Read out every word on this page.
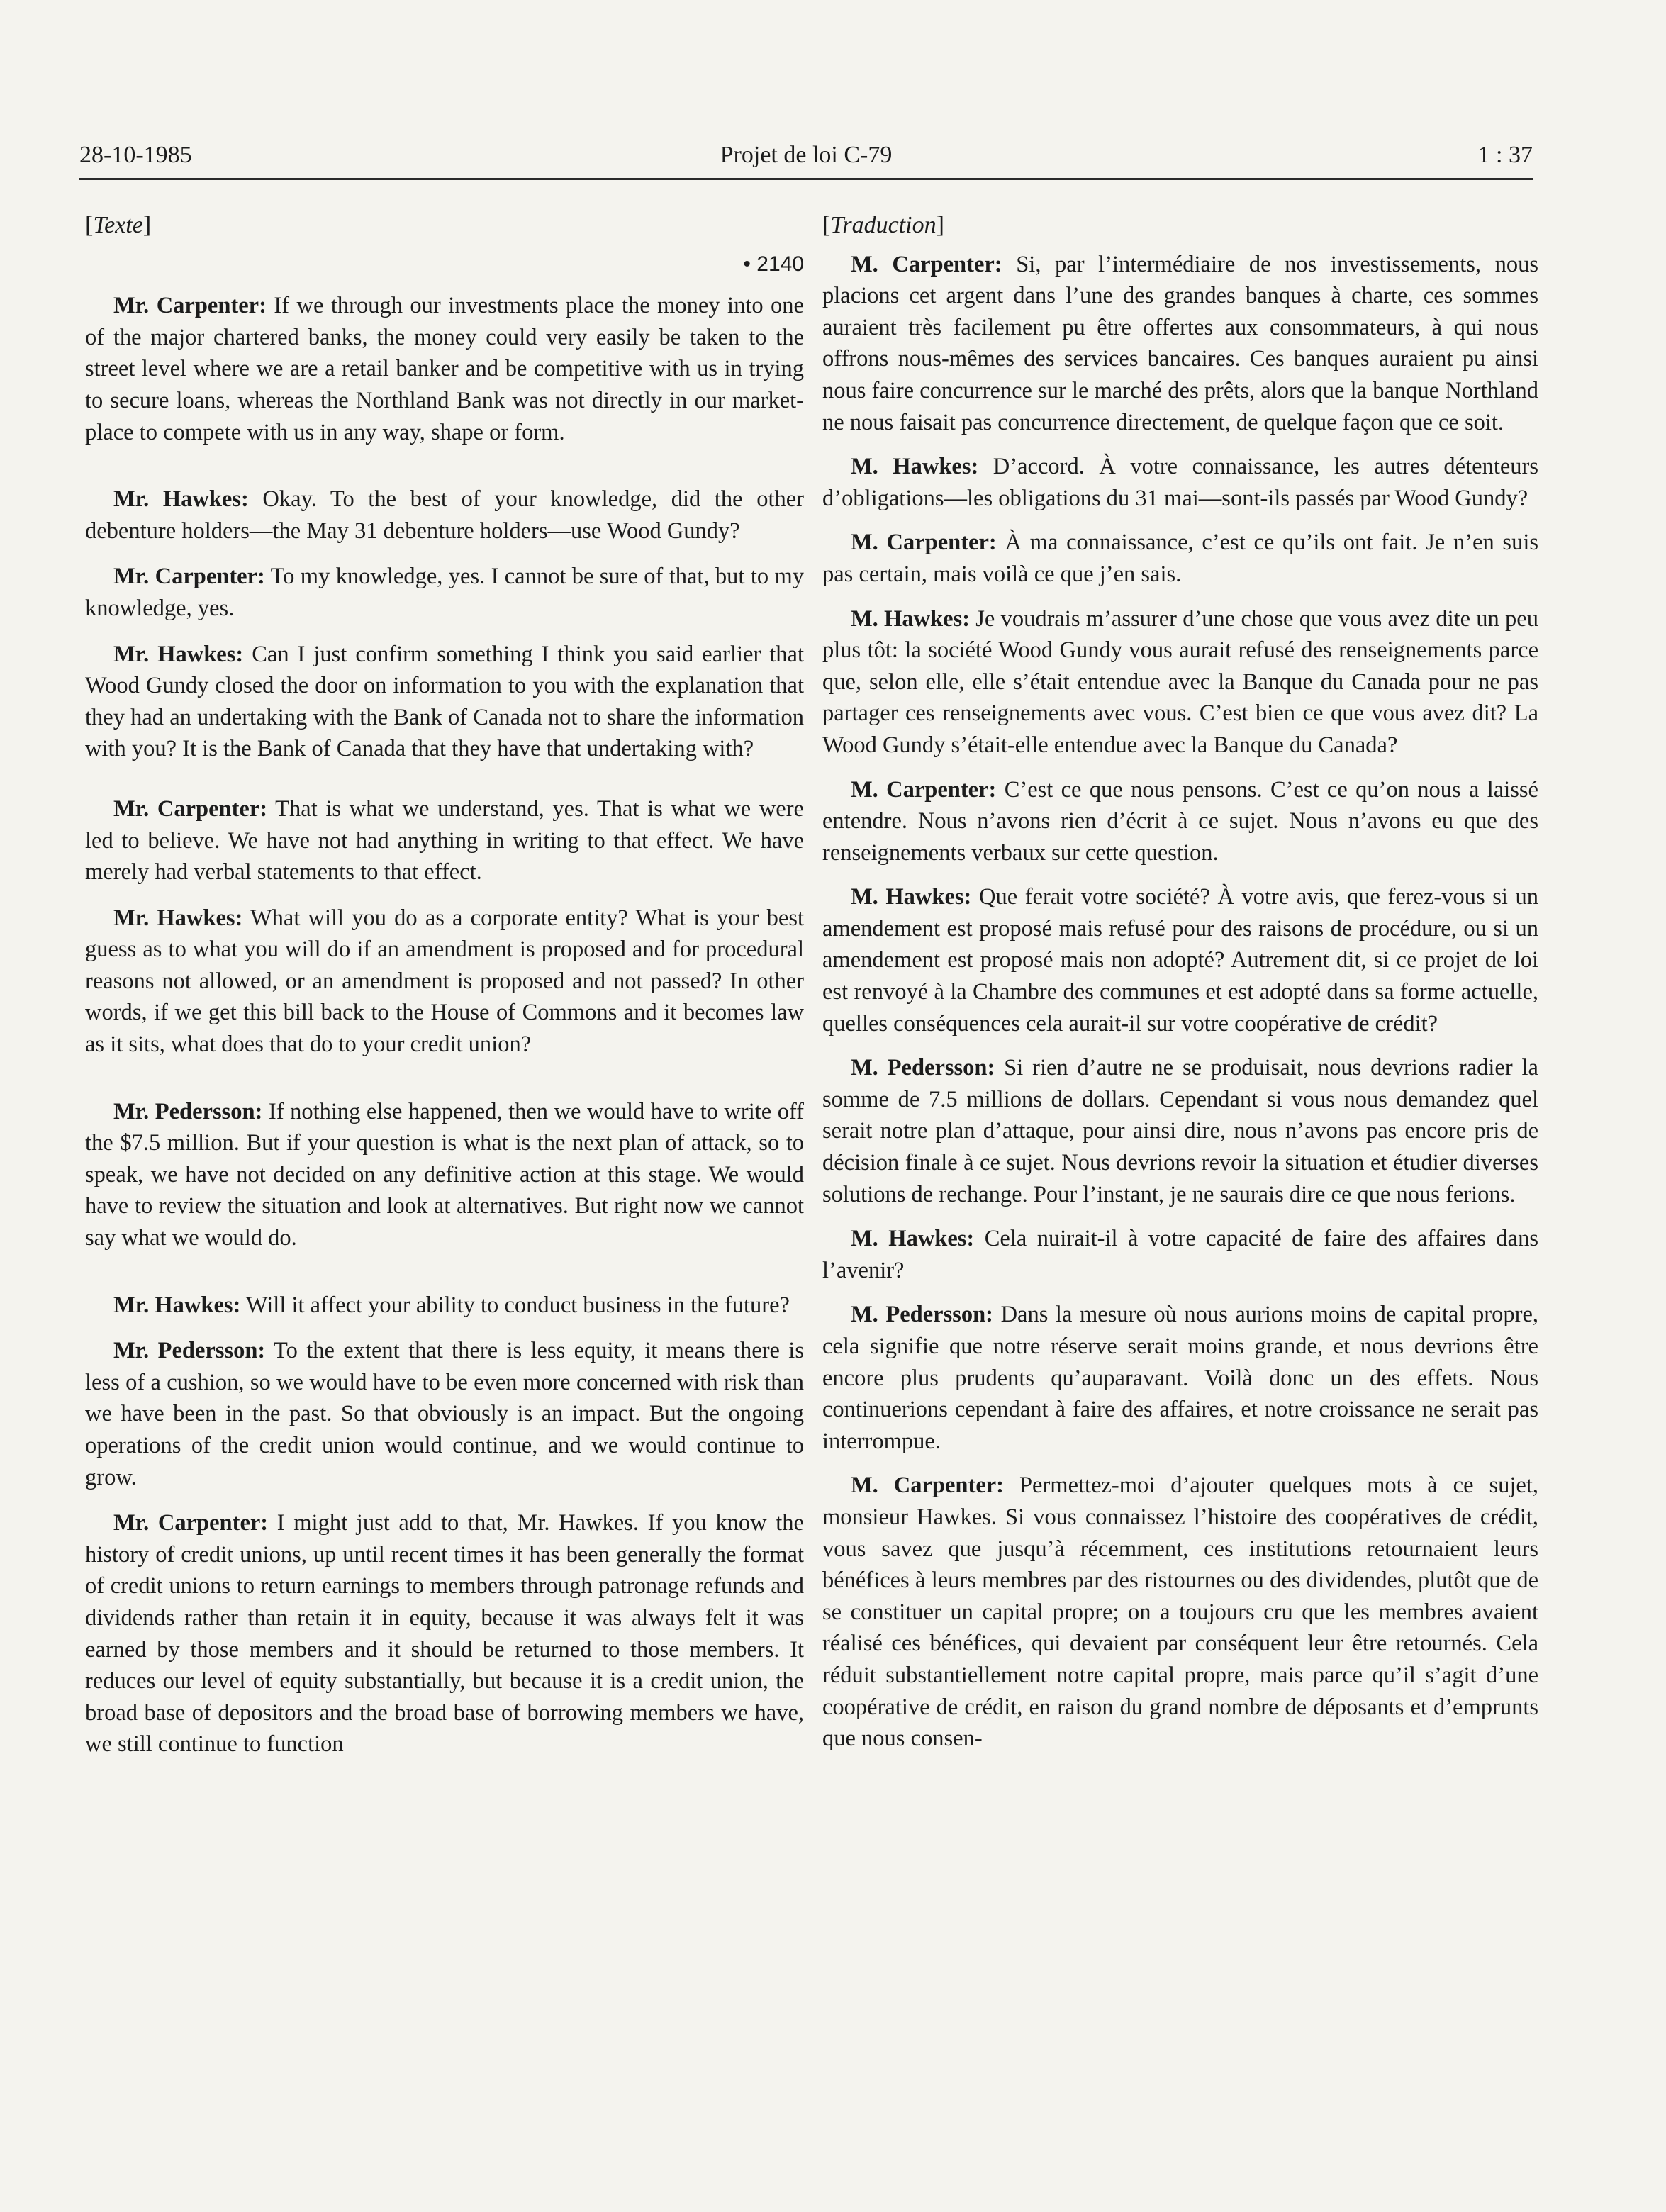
28-10-1985	Projet de loi C-79	1 : 37
[Texte]
• 2140

Mr. Carpenter: If we through our investments place the money into one of the major chartered banks, the money could very easily be taken to the street level where we are a retail banker and be competitive with us in trying to secure loans, whereas the Northland Bank was not directly in our market-place to compete with us in any way, shape or form.

Mr. Hawkes: Okay. To the best of your knowledge, did the other debenture holders—the May 31 debenture holders—use Wood Gundy?

Mr. Carpenter: To my knowledge, yes. I cannot be sure of that, but to my knowledge, yes.

Mr. Hawkes: Can I just confirm something I think you said earlier that Wood Gundy closed the door on information to you with the explanation that they had an undertaking with the Bank of Canada not to share the information with you? It is the Bank of Canada that they have that undertaking with?

Mr. Carpenter: That is what we understand, yes. That is what we were led to believe. We have not had anything in writing to that effect. We have merely had verbal statements to that effect.

Mr. Hawkes: What will you do as a corporate entity? What is your best guess as to what you will do if an amendment is proposed and for procedural reasons not allowed, or an amendment is proposed and not passed? In other words, if we get this bill back to the House of Commons and it becomes law as it sits, what does that do to your credit union?

Mr. Pedersson: If nothing else happened, then we would have to write off the $7.5 million. But if your question is what is the next plan of attack, so to speak, we have not decided on any definitive action at this stage. We would have to review the situation and look at alternatives. But right now we cannot say what we would do.

Mr. Hawkes: Will it affect your ability to conduct business in the future?

Mr. Pedersson: To the extent that there is less equity, it means there is less of a cushion, so we would have to be even more concerned with risk than we have been in the past. So that obviously is an impact. But the ongoing operations of the credit union would continue, and we would continue to grow.

Mr. Carpenter: I might just add to that, Mr. Hawkes. If you know the history of credit unions, up until recent times it has been generally the format of credit unions to return earnings to members through patronage refunds and dividends rather than retain it in equity, because it was always felt it was earned by those members and it should be returned to those members. It reduces our level of equity substantially, but because it is a credit union, the broad base of depositors and the broad base of borrowing members we have, we still continue to function

[Traduction]

M. Carpenter: Si, par l’intermédiaire de nos investissements, nous placions cet argent dans l’une des grandes banques à charte, ces sommes auraient très facilement pu être offertes aux consommateurs, à qui nous offrons nous-mêmes des services bancaires. Ces banques auraient pu ainsi nous faire concurrence sur le marché des prêts, alors que la banque Northland ne nous faisait pas concurrence directement, de quelque façon que ce soit.

M. Hawkes: D’accord. À votre connaissance, les autres détenteurs d’obligations—les obligations du 31 mai—sont-ils passés par Wood Gundy?

M. Carpenter: À ma connaissance, c’est ce qu’ils ont fait. Je n’en suis pas certain, mais voilà ce que j’en sais.

M. Hawkes: Je voudrais m’assurer d’une chose que vous avez dite un peu plus tôt: la société Wood Gundy vous aurait refusé des renseignements parce que, selon elle, elle s’était entendue avec la Banque du Canada pour ne pas partager ces renseignements avec vous. C’est bien ce que vous avez dit? La Wood Gundy s’était-elle entendue avec la Banque du Canada?

M. Carpenter: C’est ce que nous pensons. C’est ce qu’on nous a laissé entendre. Nous n’avons rien d’écrit à ce sujet. Nous n’avons eu que des renseignements verbaux sur cette question.

M. Hawkes: Que ferait votre société? À votre avis, que ferez-vous si un amendement est proposé mais refusé pour des raisons de procédure, ou si un amendement est proposé mais non adopté? Autrement dit, si ce projet de loi est renvoyé à la Chambre des communes et est adopté dans sa forme actuelle, quelles conséquences cela aurait-il sur votre coopérative de crédit?

M. Pedersson: Si rien d’autre ne se produisait, nous devrions radier la somme de 7.5 millions de dollars. Cependant si vous nous demandez quel serait notre plan d’attaque, pour ainsi dire, nous n’avons pas encore pris de décision finale à ce sujet. Nous devrions revoir la situation et étudier diverses solutions de rechange. Pour l’instant, je ne saurais dire ce que nous ferions.

M. Hawkes: Cela nuirait-il à votre capacité de faire des affaires dans l’avenir?

M. Pedersson: Dans la mesure où nous aurions moins de capital propre, cela signifie que notre réserve serait moins grande, et nous devrions être encore plus prudents qu’auparavant. Voilà donc un des effets. Nous continuerions cependant à faire des affaires, et notre croissance ne serait pas interrompue.

M. Carpenter: Permettez-moi d’ajouter quelques mots à ce sujet, monsieur Hawkes. Si vous connaissez l’histoire des coopératives de crédit, vous savez que jusqu’à récemment, ces institutions retournaient leurs bénéfices à leurs membres par des ristournes ou des dividendes, plutôt que de se constituer un capital propre; on a toujours cru que les membres avaient réalisé ces bénéfices, qui devaient par conséquent leur être retournés. Cela réduit substantiellement notre capital propre, mais parce qu’il s’agit d’une coopérative de crédit, en raison du grand nombre de déposants et d’emprunts que nous consen-
